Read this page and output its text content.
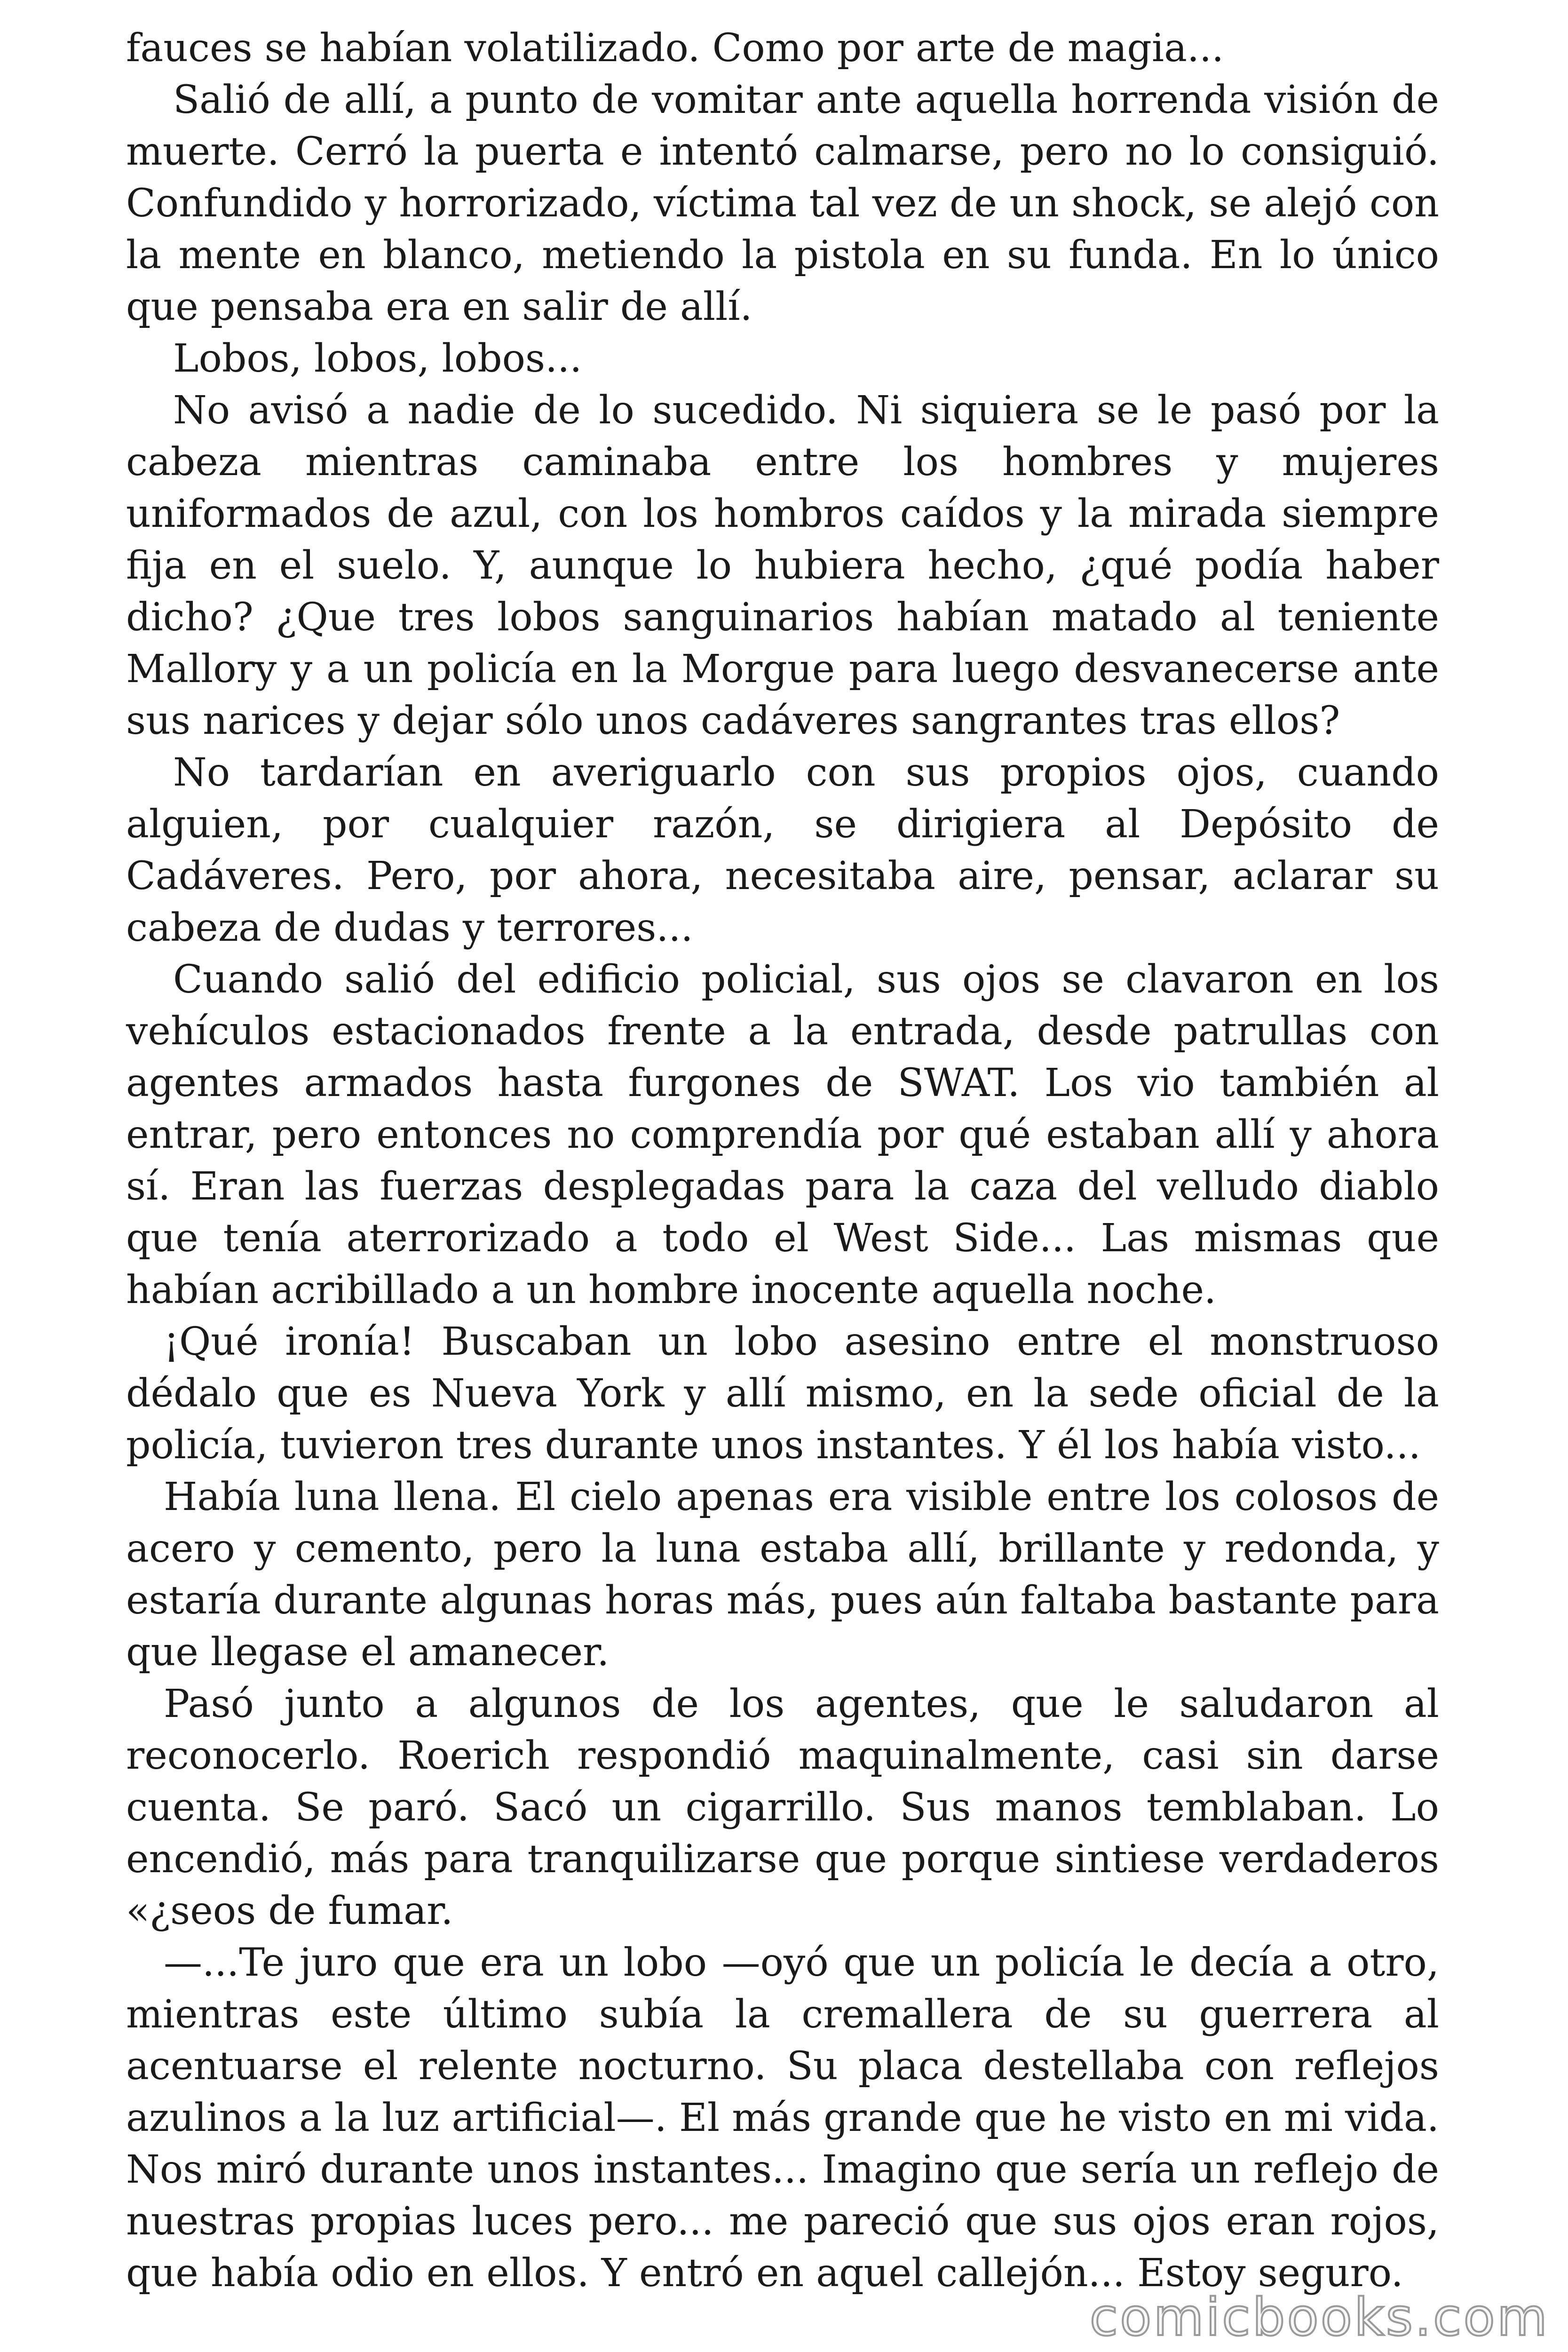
fauces se habían volatilizado. Como por arte de magia...

Salió de allí, a punto de vomitar ante aquella horrenda visión de muerte. Cerró la puerta e intentó calmarse, pero no lo consiguió. Confundido y horrorizado, víctima tal vez de un shock, se alejó con la mente en blanco, metiendo la pistola en su funda. En lo único que pensaba era en salir de allí.

Lobos, lobos, lobos...

No avisó a nadie de lo sucedido. Ni siquiera se le pasó por la cabeza mientras caminaba entre los hombres y mujeres uniformados de azul, con los hombros caídos y la mirada siempre fija en el suelo. Y, aunque lo hubiera hecho, ¿qué podía haber dicho? ¿Que tres lobos sanguinarios habían matado al teniente Mallory y a un policía en la Morgue para luego desvanecerse ante sus narices y dejar sólo unos cadáveres sangrantes tras ellos?

No tardarían en averiguarlo con sus propios ojos, cuando alguien, por cualquier razón, se dirigiera al Depósito de Cadáveres. Pero, por ahora, necesitaba aire, pensar, aclarar su cabeza de dudas y terrores...

Cuando salió del edificio policial, sus ojos se clavaron en los vehículos estacionados frente a la entrada, desde patrullas con agentes armados hasta furgones de SWAT. Los vio también al entrar, pero entonces no comprendía por qué estaban allí y ahora sí. Eran las fuerzas desplegadas para la caza del velludo diablo que tenía aterrorizado a todo el West Side... Las mismas que habían acribillado a un hombre inocente aquella noche.

¡Qué ironía! Buscaban un lobo asesino entre el monstruoso dédalo que es Nueva York y allí mismo, en la sede oficial de la policía, tuvieron tres durante unos instantes. Y él los había visto...

Había luna llena. El cielo apenas era visible entre los colosos de acero y cemento, pero la luna estaba allí, brillante y redonda, y estaría durante algunas horas más, pues aún faltaba bastante para que llegase el amanecer.

Pasó junto a algunos de los agentes, que le saludaron al reconocerlo. Roerich respondió maquinalmente, casi sin darse cuenta. Se paró. Sacó un cigarrillo. Sus manos temblaban. Lo encendió, más para tranquilizarse que porque sintiese verdaderos «¿seos de fumar.

—...Te juro que era un lobo —oyó que un policía le decía a otro, mientras este último subía la cremallera de su guerrera al acentuarse el relente nocturno. Su placa destellaba con reflejos azulinos a la luz artificial—. El más grande que he visto en mi vida. Nos miró durante unos instantes... Imagino que sería un reflejo de nuestras propias luces pero... me pareció que sus ojos eran rojos, que había odio en ellos. Y entró en aquel callejón... Estoy seguro.

comicbooks.com
